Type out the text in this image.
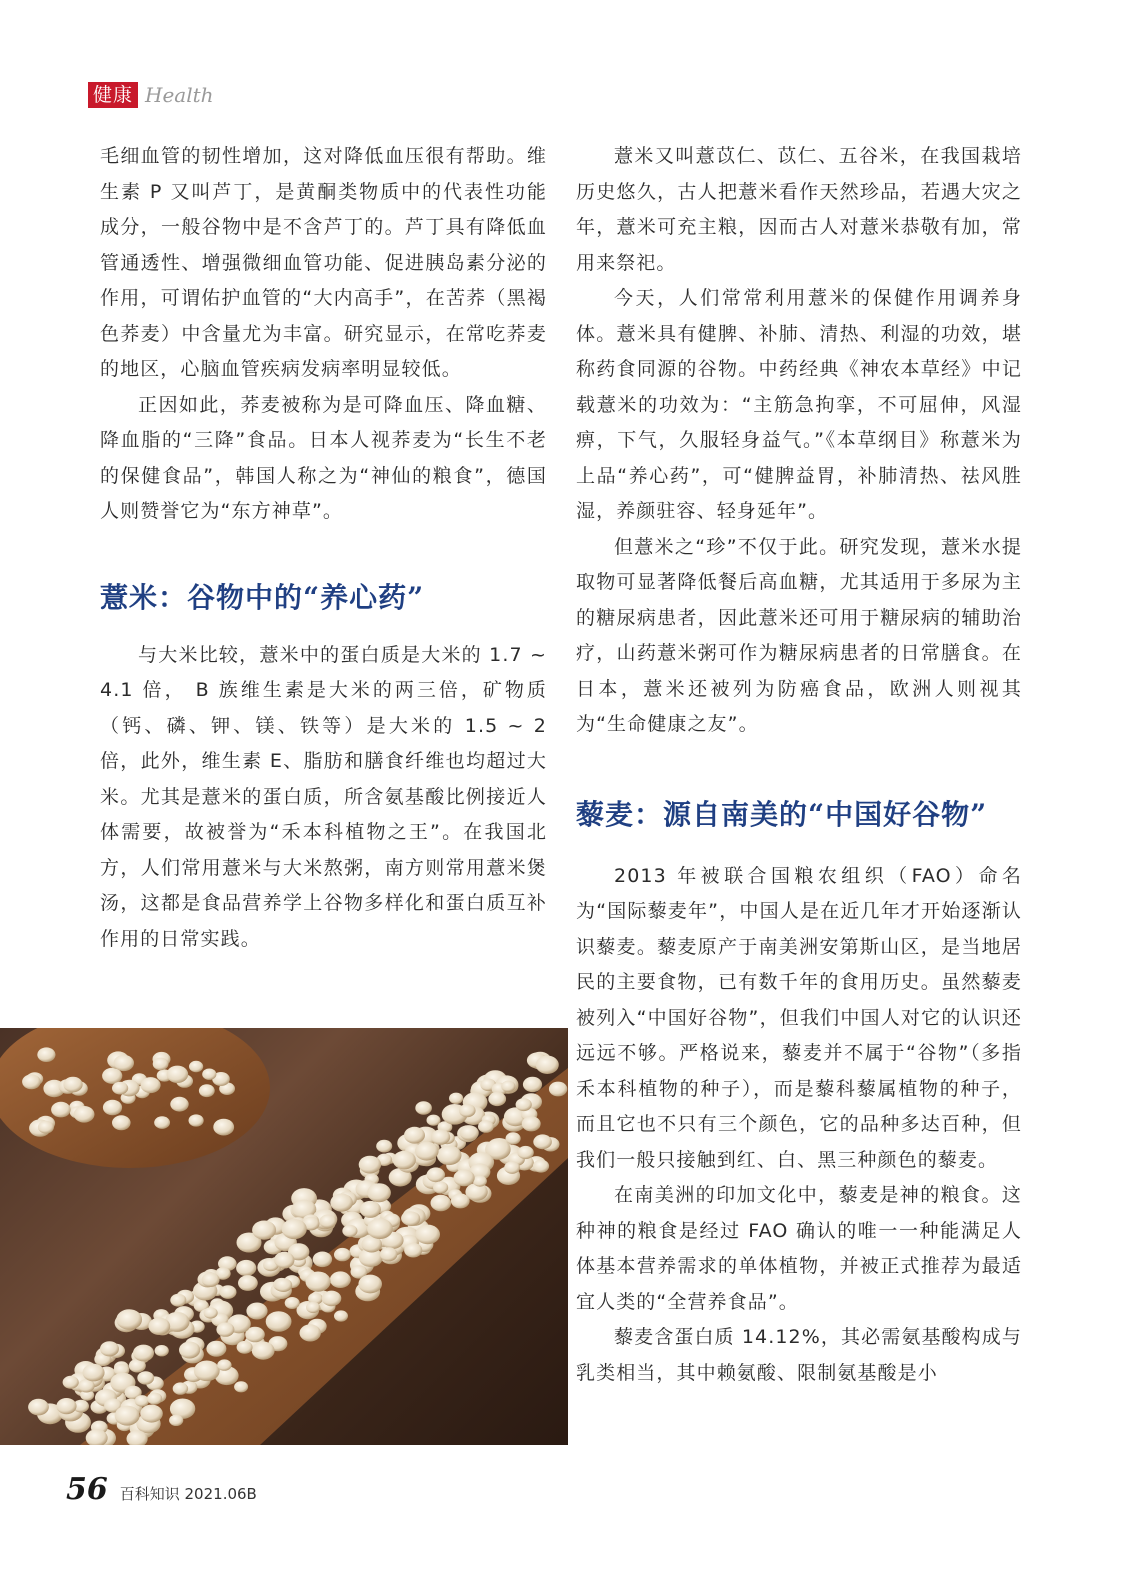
健康 Health

毛细血管的韧性增加，这对降低血压很有帮助。维生素 P 又叫芦丁，是黄酮类物质中的代表性功能成分，一般谷物中是不含芦丁的。芦丁具有降低血管通透性、增强微细血管功能、促进胰岛素分泌的作用，可谓佑护血管的“大内高手”，在苦荞（黑褐色荞麦）中含量尤为丰富。研究显示，在常吃荞麦的地区，心脑血管疾病发病率明显较低。

正因如此，荞麦被称为是可降血压、降血糖、降血脂的“三降”食品。日本人视荞麦为“长生不老的保健食品”，韩国人称之为“神仙的粮食”，德国人则赞誉它为“东方神草”。

薏米：谷物中的“养心药”

与大米比较，薏米中的蛋白质是大米的 1.7 ~ 4.1 倍， B 族维生素是大米的两三倍，矿物质（钙、磷、钾、镁、铁等）是大米的 1.5 ~ 2 倍，此外，维生素 E、脂肪和膳食纤维也均超过大米。尤其是薏米的蛋白质，所含氨基酸比例接近人体需要，故被誉为“禾本科植物之王”。在我国北方，人们常用薏米与大米熬粥，南方则常用薏米煲汤，这都是食品营养学上谷物多样化和蛋白质互补作用的日常实践。

薏米又叫薏苡仁、苡仁、五谷米，在我国栽培历史悠久，古人把薏米看作天然珍品，若遇大灾之年，薏米可充主粮，因而古人对薏米恭敬有加，常用来祭祀。

今天，人们常常利用薏米的保健作用调养身体。薏米具有健脾、补肺、清热、利湿的功效，堪称药食同源的谷物。中药经典《神农本草经》中记载薏米的功效为：“主筋急拘挛，不可屈伸，风湿痹，下气，久服轻身益气。”《本草纲目》称薏米为上品“养心药”，可“健脾益胃，补肺清热、祛风胜湿，养颜驻容、轻身延年”。

但薏米之“珍”不仅于此。研究发现，薏米水提取物可显著降低餐后高血糖，尤其适用于多尿为主的糖尿病患者，因此薏米还可用于糖尿病的辅助治疗，山药薏米粥可作为糖尿病患者的日常膳食。在日本，薏米还被列为防癌食品，欧洲人则视其为“生命健康之友”。

藜麦：源自南美的“中国好谷物”

2013 年被联合国粮农组织（FAO）命名为“国际藜麦年”，中国人是在近几年才开始逐渐认识藜麦。藜麦原产于南美洲安第斯山区，是当地居民的主要食物，已有数千年的食用历史。虽然藜麦被列入“中国好谷物”，但我们中国人对它的认识还远远不够。严格说来，藜麦并不属于“谷物”（多指禾本科植物的种子），而是藜科藜属植物的种子，而且它也不只有三个颜色，它的品种多达百种，但我们一般只接触到红、白、黑三种颜色的藜麦。

在南美洲的印加文化中，藜麦是神的粮食。这种神的粮食是经过 FAO 确认的唯一一种能满足人体基本营养需求的单体植物，并被正式推荐为最适宜人类的“全营养食品”。

藜麦含蛋白质 14.12%，其必需氨基酸构成与乳类相当，其中赖氨酸、限制氨基酸是小

56 百科知识 2021.06B
